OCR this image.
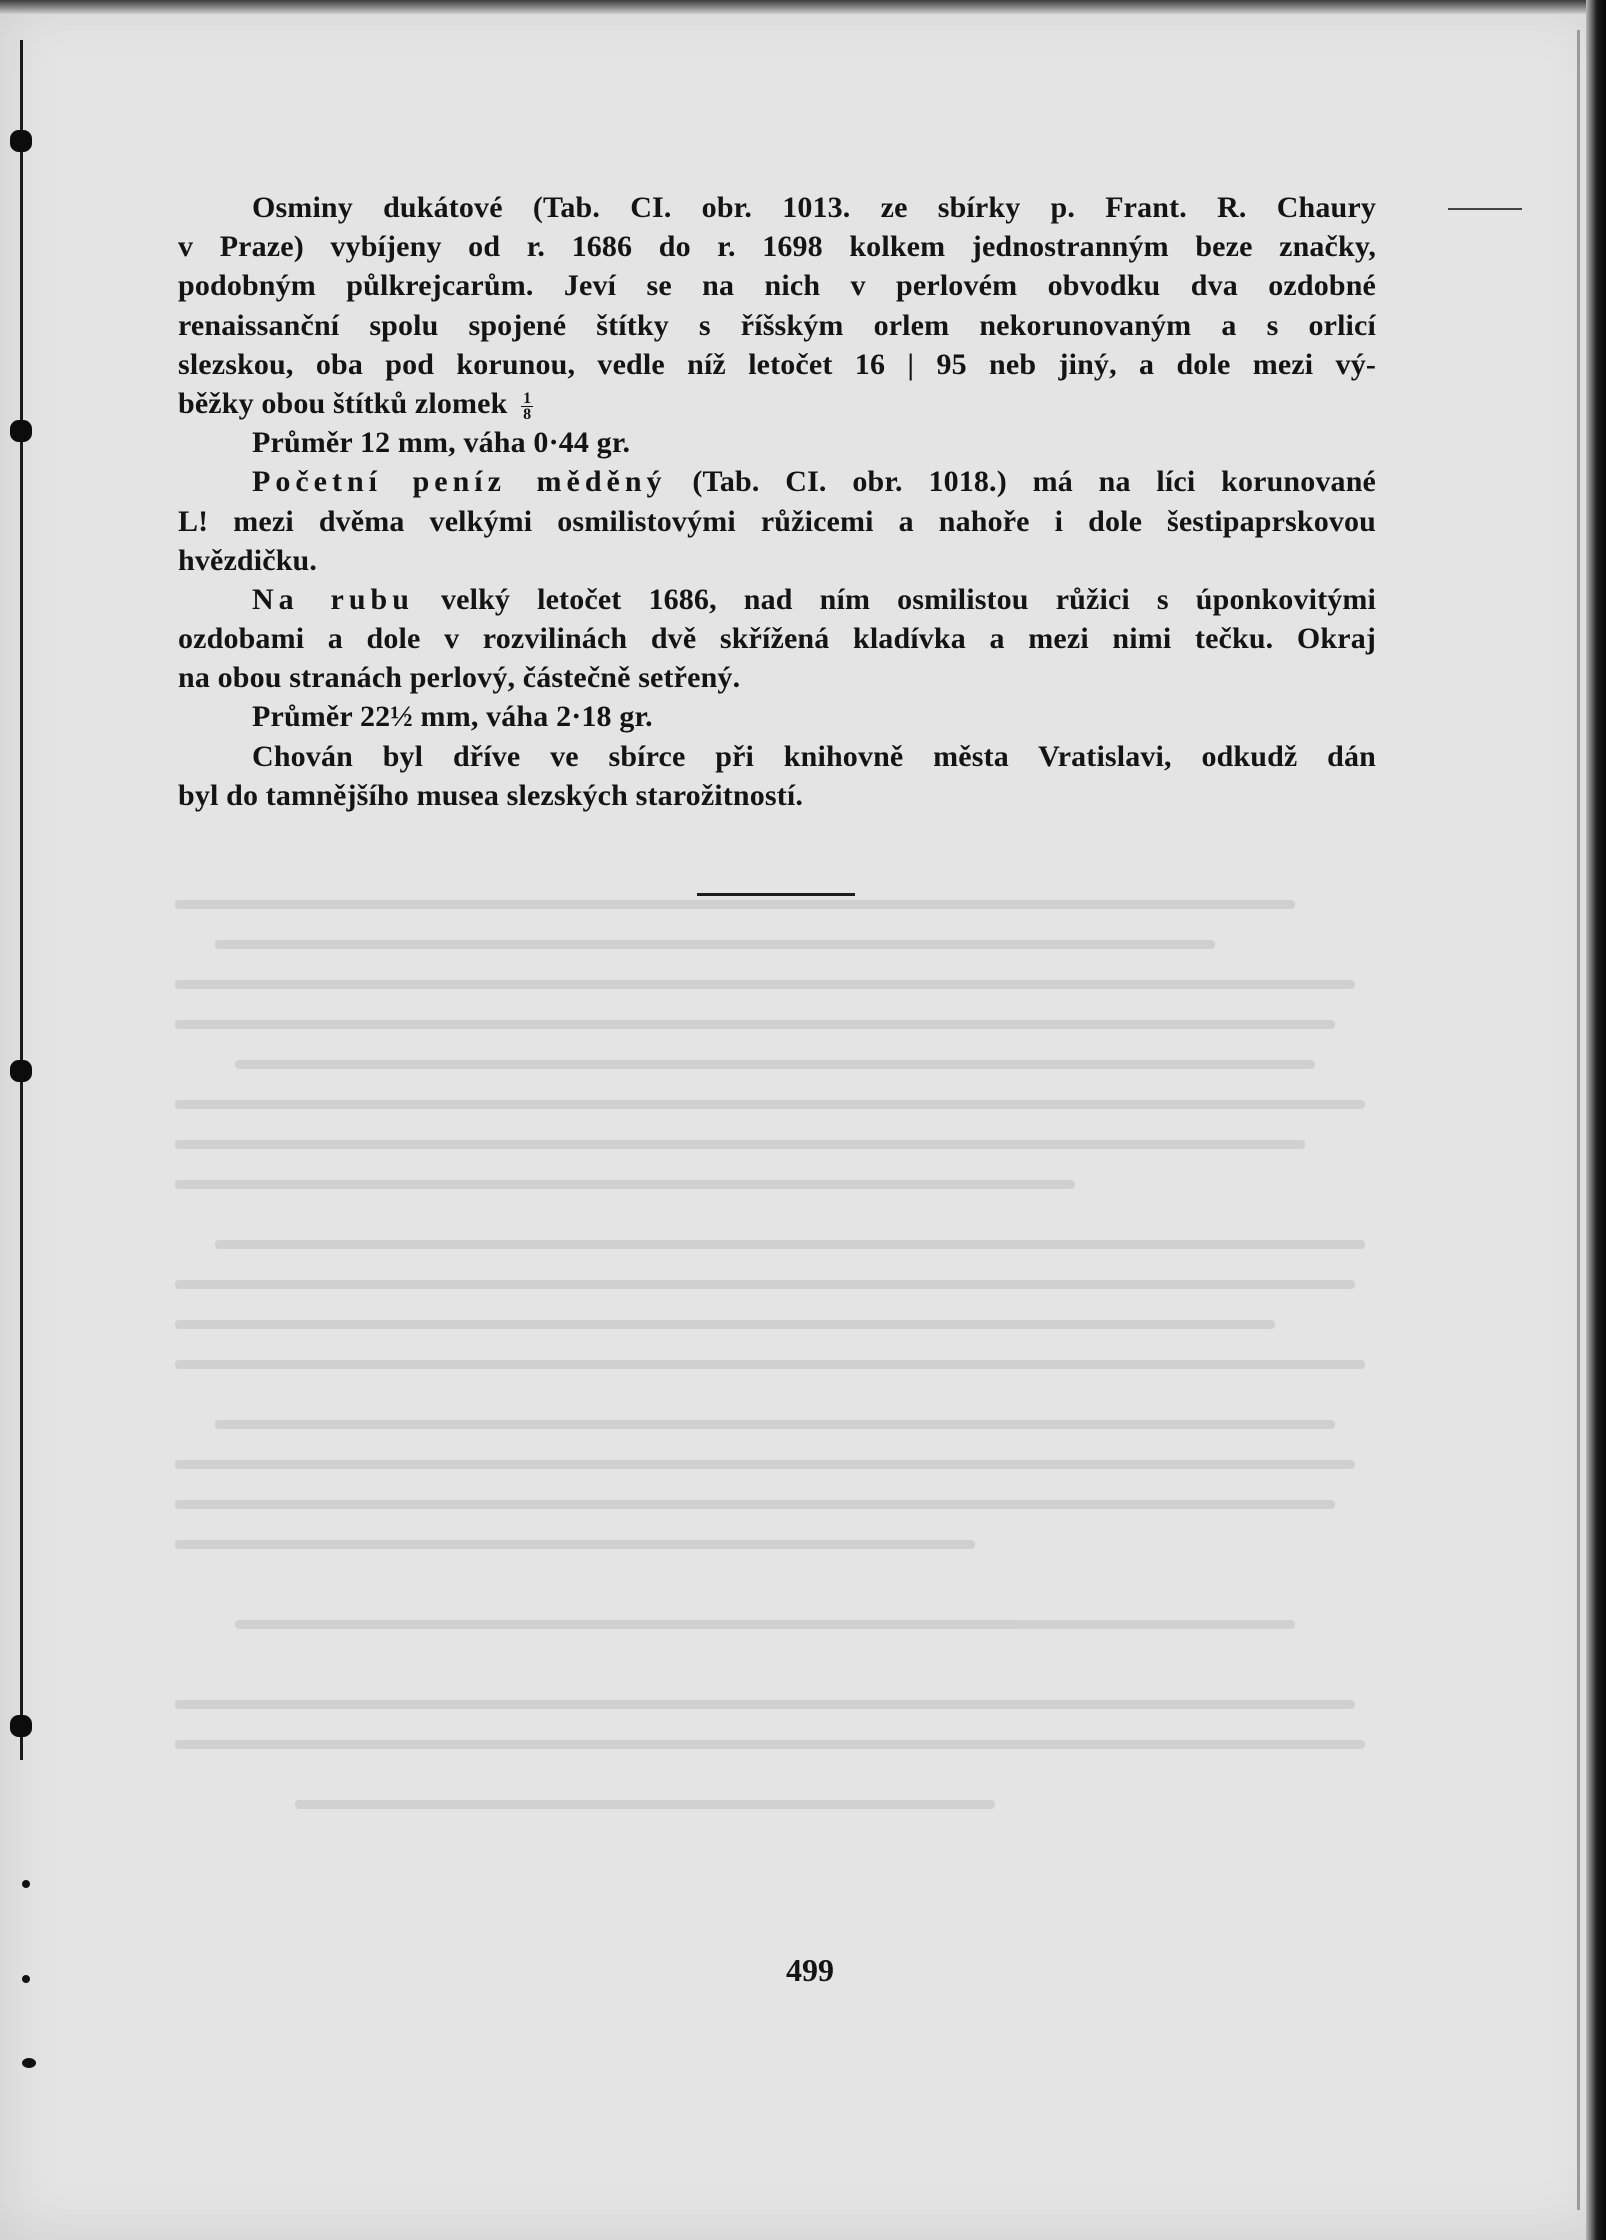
Osminy dukátové (Tab. CI. obr. 1013. ze sbírky p. Frant. R. Chaury
v Praze) vybíjeny od r. 1686 do r. 1698 kolkem jednostranným beze značky,
podobným půlkrejcarům. Jeví se na nich v perlovém obvodku dva ozdobné
renaissanční spolu spojené štítky s říšským orlem nekorunovaným a s orlicí
slezskou, oba pod korunou, vedle níž letočet 16 | 95 neb jiný, a dole mezi vý-
běžky obou štítků zlomek $\frac{1}{8}$
Průměr 12 mm, váha 0·44 gr.
Početní peníz měděný (Tab. CI. obr. 1018.) má na líci korunované
L! mezi dvěma velkými osmilistovými růžicemi a nahoře i dole šestipaprskovou
hvězdičku.
Na rubu velký letočet 1686, nad ním osmilistou růžici s úponkovitými
ozdobami a dole v rozvilinách dvě skřížená kladívka a mezi nimi tečku. Okraj
na obou stranách perlový, částečně setřený.
Průměr 22½ mm, váha 2·18 gr.
Chován byl dříve ve sbírce při knihovně města Vratislavi, odkudž dán
byl do tamnějšího musea slezských starožitností.
499
